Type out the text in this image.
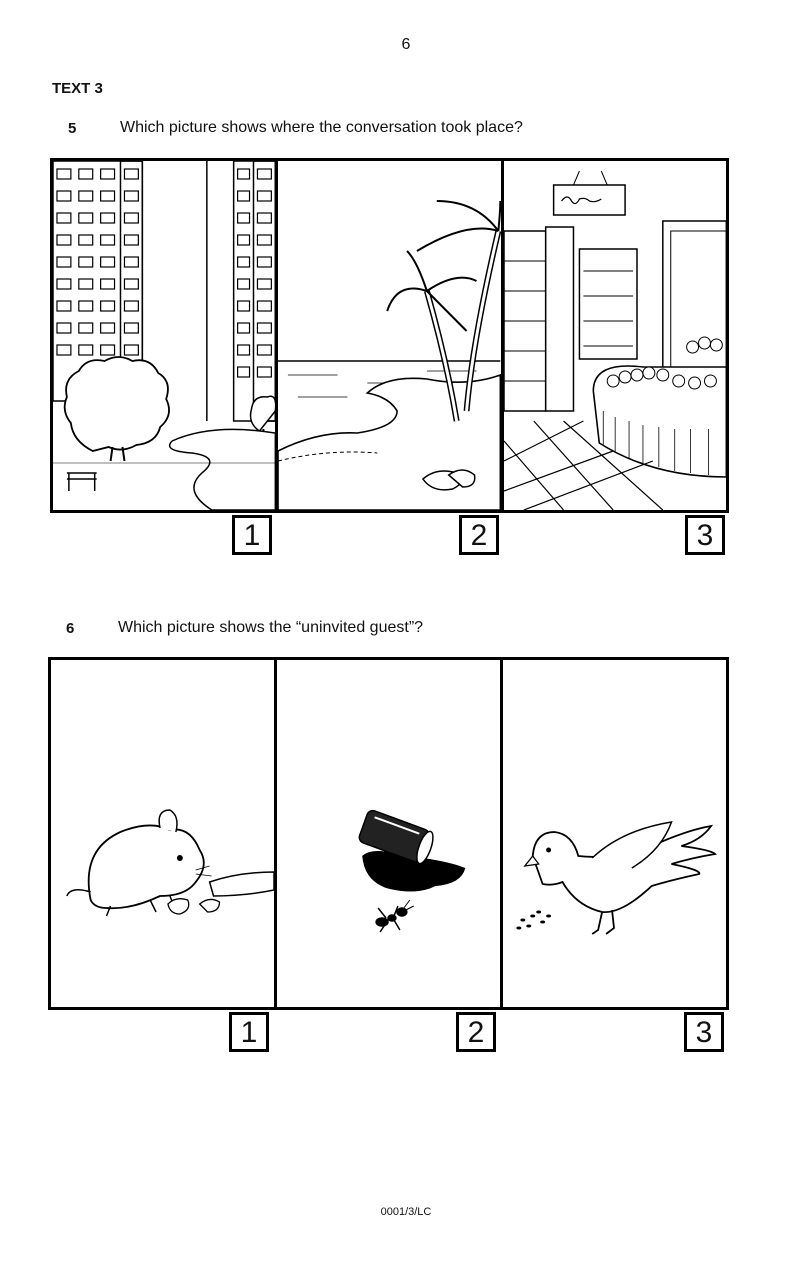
6
TEXT 3
5	Which picture shows where the conversation took place?
1	2	3
6	Which picture shows the “uninvited guest”?
1	2	3
0001/3/LC
